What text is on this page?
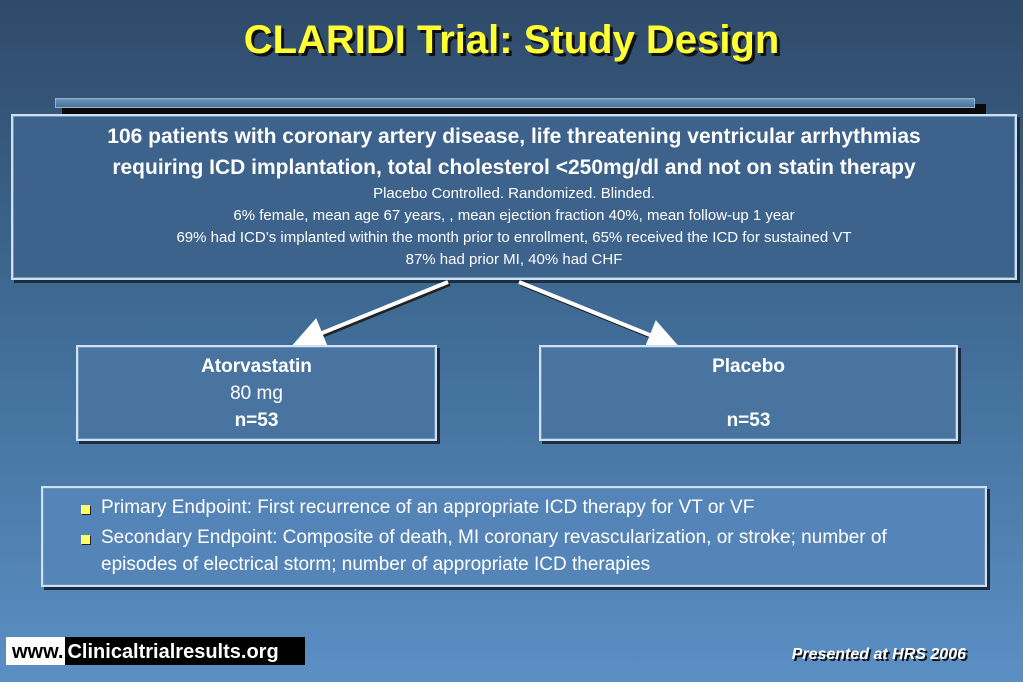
CLARIDI Trial: Study Design
106 patients with coronary artery disease, life threatening ventricular arrhythmias
requiring ICD implantation, total cholesterol <250mg/dl and not on statin therapy
Placebo Controlled. Randomized. Blinded.
6% female, mean age 67 years, , mean ejection fraction 40%, mean follow-up 1 year
69% had ICD’s implanted within the month prior to enrollment, 65% received the ICD for sustained VT
87% had prior MI, 40% had CHF
Atorvastatin
80 mg
n=53
Placebo
n=53
Primary Endpoint: First recurrence of an appropriate ICD therapy for VT or VF
Secondary Endpoint: Composite of death, MI coronary revascularization, or stroke; number of episodes of electrical storm; number of appropriate ICD therapies
www. Clinicaltrialresults.org	Presented at HRS 2006
